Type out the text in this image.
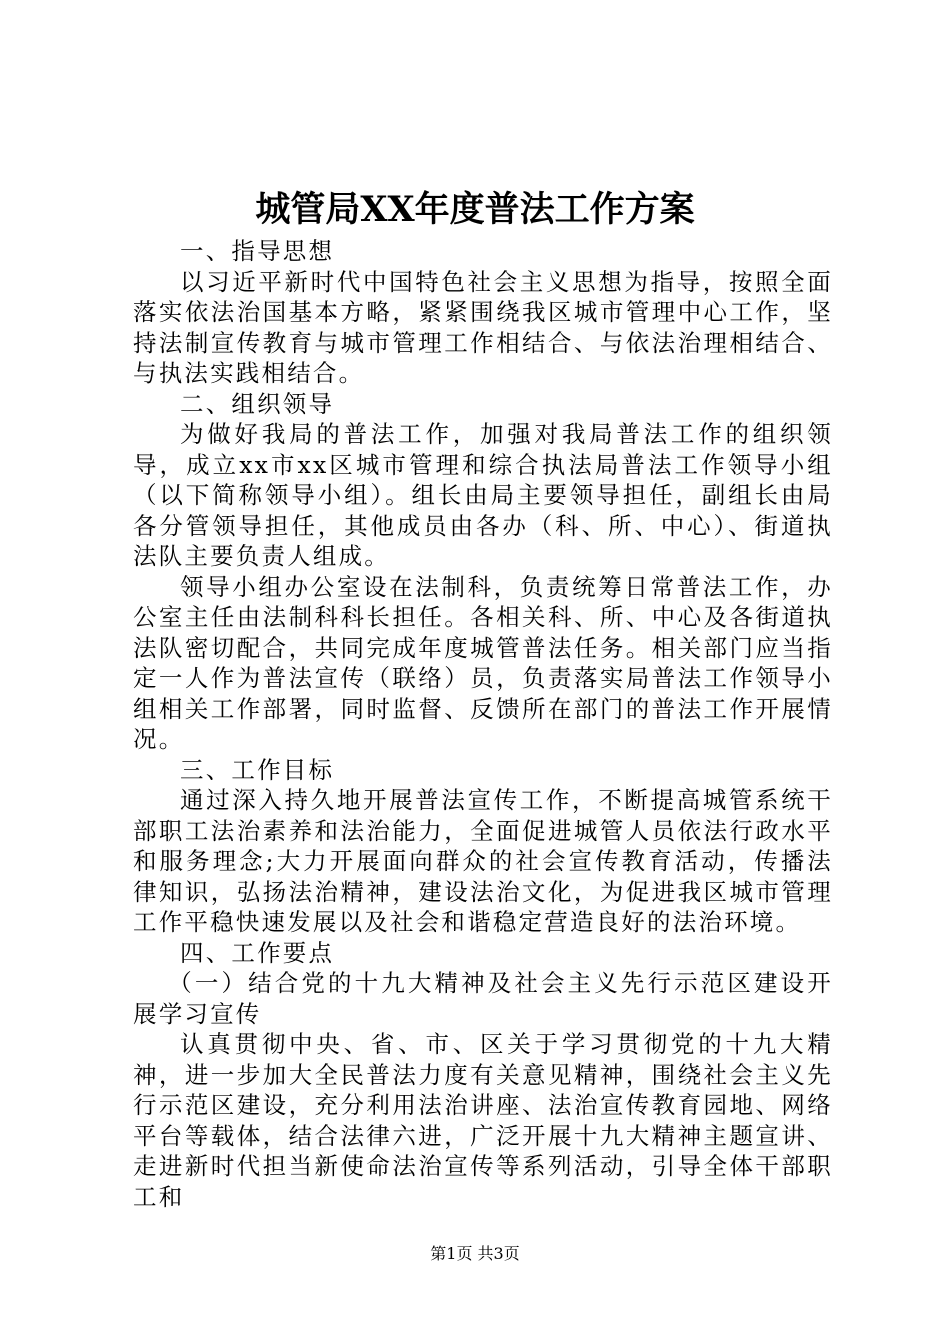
城管局XX年度普法工作方案

一、指导思想

以习近平新时代中国特色社会主义思想为指导，按照全面落实依法治国基本方略，紧紧围绕我区城市管理中心工作，坚持法制宣传教育与城市管理工作相结合、与依法治理相结合、与执法实践相结合。

二、组织领导

为做好我局的普法工作，加强对我局普法工作的组织领导，成立xx市xx区城市管理和综合执法局普法工作领导小组（以下简称领导小组）。组长由局主要领导担任，副组长由局各分管领导担任，其他成员由各办（科、所、中心）、街道执法队主要负责人组成。

领导小组办公室设在法制科，负责统筹日常普法工作，办公室主任由法制科科长担任。各相关科、所、中心及各街道执法队密切配合，共同完成年度城管普法任务。相关部门应当指定一人作为普法宣传（联络）员，负责落实局普法工作领导小组相关工作部署，同时监督、反馈所在部门的普法工作开展情况。

三、工作目标

通过深入持久地开展普法宣传工作，不断提高城管系统干部职工法治素养和法治能力，全面促进城管人员依法行政水平和服务理念;大力开展面向群众的社会宣传教育活动，传播法律知识，弘扬法治精神，建设法治文化，为促进我区城市管理工作平稳快速发展以及社会和谐稳定营造良好的法治环境。

四、工作要点

（一）结合党的十九大精神及社会主义先行示范区建设开展学习宣传

认真贯彻中央、省、市、区关于学习贯彻党的十九大精神，进一步加大全民普法力度有关意见精神，围绕社会主义先行示范区建设，充分利用法治讲座、法治宣传教育园地、网络平台等载体，结合法律六进，广泛开展十九大精神主题宣讲、走进新时代担当新使命法治宣传等系列活动，引导全体干部职工和

第1页 共3页
